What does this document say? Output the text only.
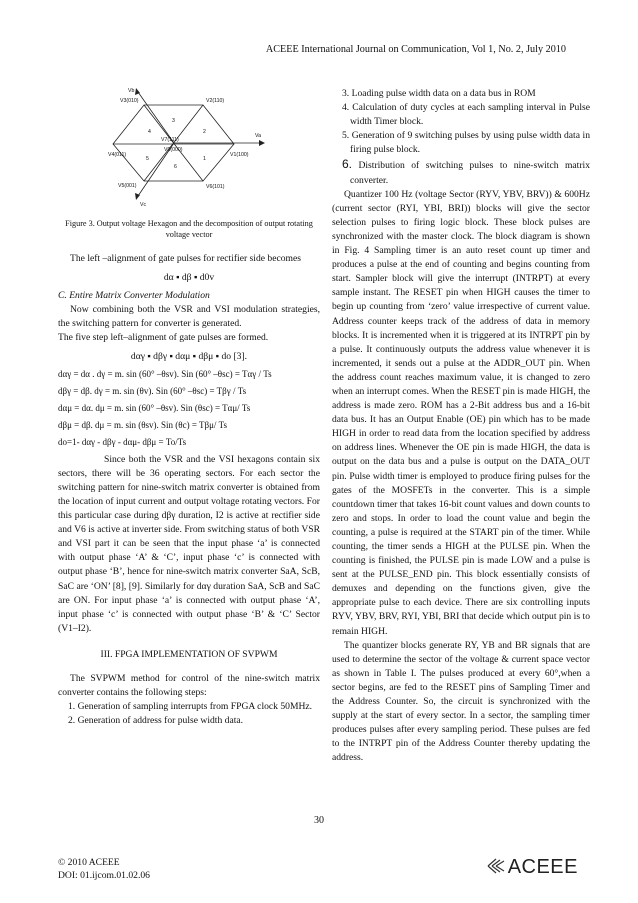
ACEEE International Journal on Communication, Vol 1, No. 2, July 2010
Vb
Va
Vc
V3(010)	V2(110)
V4(011)	V1(100)
V5(001)	V6(101)
V7(111)
V0(000)
1
2
3
4
5
6
Figure 3. Output voltage Hexagon and the decomposition of output rotating voltage vector

The left –alignment of gate pulses for rectifier side becomes

dα ▪ dβ ▪ d0v

C. Entire Matrix Converter Modulation

Now combining both the VSR and VSI modulation strategies, the switching pattern for converter is generated.

The five step left–alignment of gate pulses are formed.

dαγ ▪ dβγ ▪ dαμ ▪ dβμ ▪ do [3].

dαγ = dα . dγ = m. sin (60° –θsv). Sin (60° –θsc) = Tαγ / Ts

dβγ = dβ. dγ = m. sin (θv). Sin (60° –θsc) = Tβγ / Ts

dαμ = dα. dμ = m. sin (60° –θsv). Sin (θsc) = Tαμ/ Ts

dβμ = dβ. dμ = m. sin (θsv). Sin (θc) = Tβμ/ Ts

do=1- dαγ - dβγ - dαμ- dβμ = To/Ts

Since both the VSR and the VSI hexagons contain six sectors, there will be 36 operating sectors. For each sector the switching pattern for nine-switch matrix converter is obtained from the location of input current and output voltage rotating vectors. For this particular case during dβγ duration, I2 is active at rectifier side and V6 is active at inverter side. From switching status of both VSR and VSI part it can be seen that the input phase ‘a’ is connected with output phase ‘A’ & ‘C’, input phase ‘c’ is connected with output phase ‘B’, hence for nine-switch matrix converter SaA, ScB, SaC are ‘ON’ [8], [9]. Similarly for dαγ duration SaA, ScB and SaC are ON. For input phase ‘a’ is connected with output phase ‘A’, input phase ‘c’ is connected with output phase ‘B’ & ‘C’ Sector (V1–I2).

III. FPGA IMPLEMENTATION OF SVPWM

The SVPWM method for control of the nine-switch matrix converter contains the following steps:

1. Generation of sampling interrupts from FPGA clock 50MHz.

2. Generation of address for pulse width data.

3. Loading pulse width data on a data bus in ROM

4. Calculation of duty cycles at each sampling interval in Pulse width Timer block.

5. Generation of 9 switching pulses by using pulse width data in firing pulse block.

6. Distribution of switching pulses to nine-switch matrix converter.

Quantizer 100 Hz (voltage Sector (RYV, YBV, BRV)) & 600Hz (current sector (RYI, YBI, BRI)) blocks will give the sector selection pulses to firing logic block. These block pulses are synchronized with the master clock. The block diagram is shown in Fig. 4 Sampling timer is an auto reset count up timer and produces a pulse at the end of counting and begins counting from start. Sampler block will give the interrupt (INTRPT) at every sample instant. The RESET pin when HIGH causes the timer to begin up counting from ‘zero’ value irrespective of current value. Address counter keeps track of the address of data in memory blocks. It is incremented when it is triggered at its INTRPT pin by a pulse. It continuously outputs the address value whenever it is incremented, it sends out a pulse at the ADDR_OUT pin. When the address count reaches maximum value, it is changed to zero when an interrupt comes. When the RESET pin is made HIGH, the address is made zero. ROM has a 2-Bit address bus and a 16-bit data bus. It has an Output Enable (OE) pin which has to be made HIGH in order to read data from the location specified by address on address lines. Whenever the OE pin is made HIGH, the data is output on the data bus and a pulse is output on the DATA_OUT pin. Pulse width timer is employed to produce firing pulses for the gates of the MOSFETs in the converter. This is a simple countdown timer that takes 16-bit count values and down counts to zero and stops. In order to load the count value and begin the counting, a pulse is required at the START pin of the timer. While counting, the timer sends a HIGH at the PULSE pin. When the counting is finished, the PULSE pin is made LOW and a pulse is sent at the PULSE_END pin. This block essentially consists of demuxes and depending on the functions given, give the appropriate pulse to each device. There are six controlling inputs RYV, YBV, BRV, RYI, YBI, BRI that decide which output pin is to remain HIGH.

The quantizer blocks generate RY, YB and BR signals that are used to determine the sector of the voltage & current space vector as shown in Table I. The pulses produced at every 60°,when a sector begins, are fed to the RESET pins of Sampling Timer and the Address Counter. So, the circuit is synchronized with the supply at the start of every sector. In a sector, the sampling timer produces pulses after every sampling period. These pulses are fed to the INTRPT pin of the Address Counter thereby updating the address.

30
© 2010 ACEEE
DOI: 01.ijcom.01.02.06	ACEEE
